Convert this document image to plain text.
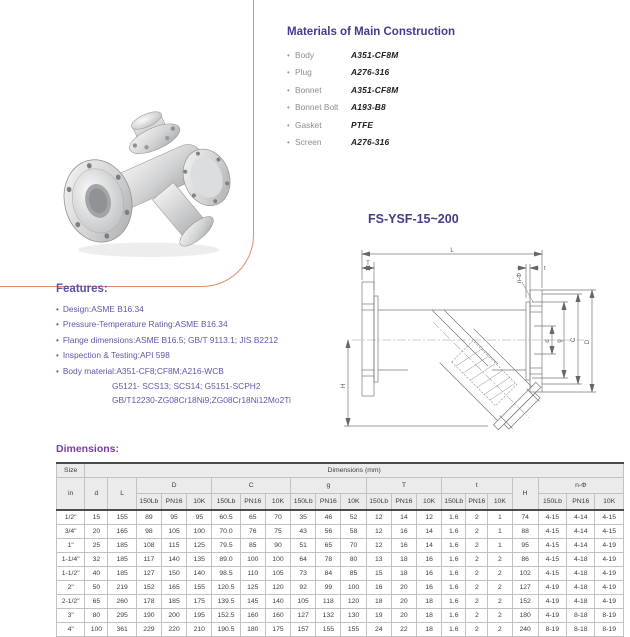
Materials of Main Construction
• Body	A351-CF8M
• Plug	A276-316
• Bonnet	A351-CF8M
• Bonnet Bolt	A193-B8
• Gasket	PTFE
• Screen	A276-316
FS-YSF-15~200
L
T
t
n-Φ
H
d g C D
Features:
• Design:ASME B16.34
• Pressure-Temperature Rating:ASME B16.34
• Flange dimensions:ASME B16.5; GB/T 9113.1; JIS B2212
• Inspection & Testing:API 598
• Body material:A351-CF8;CF8M;A216-WCB
G5121- SCS13; SCS14; G5151-SCPH2
GB/T12230-ZG08Cr18Ni9;ZG08Cr18Ni12Mo2Ti
Dimensions:
Size	Dimensions (mm)																				
in	d	L	D			C			g			T			t			H	n-Φ		
			150Lb	PN16	10K	150Lb	PN16	10K	150Lb	PN16	10K	150Lb	PN16	10K	150Lb	PN16	10K		150Lb	PN16	10K
1/2"	15	155	89	95	95	60.5	65	70	35	46	52	12	14	12	1.6	2	1	74	4-15	4-14	4-15
3/4"	20	165	98	105	100	70.0	76	75	43	56	58	12	16	14	1.6	2	1	88	4-15	4-14	4-15
1"	25	185	108	115	125	79.5	85	90	51	65	70	12	16	14	1.6	2	1	95	4-15	4-14	4-19
1-1/4"	32	185	117	140	135	89.0	100	100	64	78	80	13	18	16	1.6	2	2	86	4-15	4-18	4-19
1-1/2"	40	185	127	150	140	98.5	110	105	73	84	85	15	18	16	1.6	2	2	102	4-15	4-18	4-19
2"	50	219	152	165	155	120.5	125	120	92	99	100	16	20	16	1.6	2	2	127	4-19	4-18	4-19
2-1/2"	65	260	178	185	175	139.5	145	140	105	118	120	18	20	18	1.6	2	2	152	4-19	4-18	4-19
3"	80	295	190	200	195	152.5	160	160	127	132	130	19	20	18	1.6	2	2	180	4-19	8-18	8-19
4"	100	361	229	220	210	190.5	180	175	157	155	155	24	22	18	1.6	2	2	240	8-19	8-18	8-19
